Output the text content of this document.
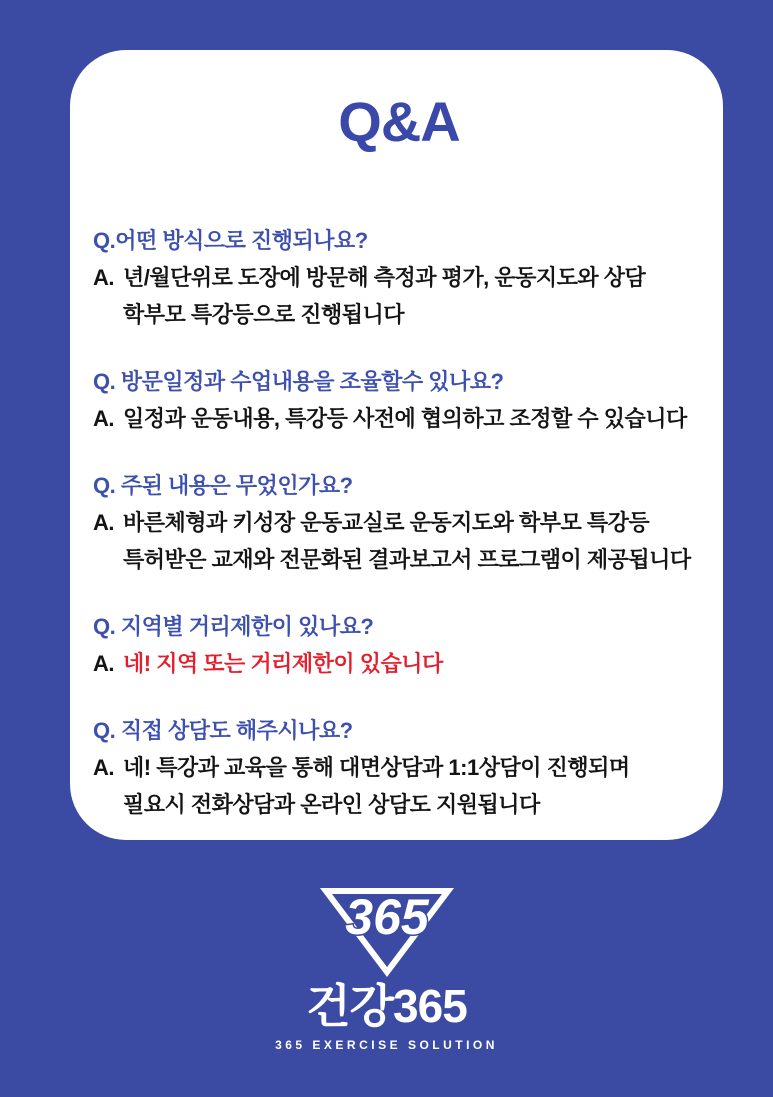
Q&A
Q.어떤 방식으로 진행되나요?
A. 년/월단위로 도장에 방문해 측정과 평가, 운동지도와 상담
학부모 특강등으로 진행됩니다
Q. 방문일정과 수업내용을 조율할수 있나요?
A. 일정과 운동내용, 특강등 사전에 협의하고 조정할 수 있습니다
Q. 주된 내용은 무었인가요?
A. 바른체형과 키성장 운동교실로 운동지도와 학부모 특강등
특허받은 교재와 전문화된 결과보고서 프로그램이 제공됩니다
Q. 지역별 거리제한이 있나요?
A. 네! 지역 또는 거리제한이 있습니다
Q. 직접 상담도 해주시나요?
A. 네! 특강과 교육을 통해 대면상담과 1:1상담이 진행되며
필요시 전화상담과 온라인 상담도 지원됩니다
365
건강365
365 EXERCISE SOLUTION
